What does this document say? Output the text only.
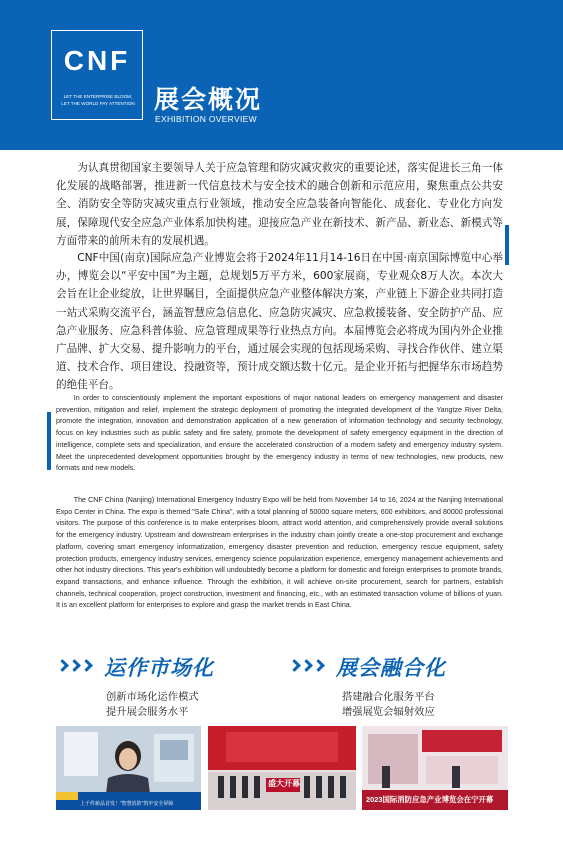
CNF
LET THE ENTERPRISE BLOOM,
LET THE WORLD PAY ATTENTION 展会概况
EXHIBITION OVERVIEW

为认真贯彻国家主要领导人关于应急管理和防灾减灾救灾的重要论述，落实促进长三角一体化发展的战略部署，推进新一代信息技术与安全技术的融合创新和示范应用，聚焦重点公共安全、消防安全等防灾减灾重点行业领域，推动安全应急装备向智能化、成套化、专业化方向发展，保障现代安全应急产业体系加快构建。迎接应急产业在新技术、新产品、新业态、新模式等方面带来的前所未有的发展机遇。

CNF中国(南京)国际应急产业博览会将于2024年11月14-16日在中国·南京国际博览中心举办，博览会以“平安中国”为主题，总规划5万平方米，600家展商，专业观众8万人次。本次大会旨在让企业绽放，让世界瞩目，全面提供应急产业整体解决方案，产业链上下游企业共同打造一站式采购交流平台，涵盖智慧应急信息化、应急防灾减灾、应急救援装备、安全防护产品、应急产业服务、应急科普体验、应急管理成果等行业热点方向。本届博览会必将成为国内外企业推广品牌、扩大交易、提升影响力的平台，通过展会实现的包括现场采购、寻找合作伙伴、建立渠道、技术合作、项目建设、投融资等，预计成交额达数十亿元。是企业开拓与把握华东市场趋势的绝佳平台。

In order to conscientiously implement the important expositions of major national leaders on emergency management and disaster prevention, mitigation and relief, implement the strategic deployment of promoting the integrated development of the Yangtze River Delta, promote the integration, innovation and demonstration application of a new generation of information technology and security technology, focus on key industries such as public safety and fire safety, promote the development of safety emergency equipment in the direction of intelligence, complete sets and specialization, and ensure the accelerated construction of a modern safety and emergency industry system. Meet the unprecedented development opportunities brought by the emergency industry in terms of new technologies, new products, new formats and new models.

The CNF China (Nanjing) International Emergency Industry Expo will be held from November 14 to 16, 2024 at the Nanjing International Expo Center in China. The expo is themed "Safe China", with a total planning of 50000 square meters, 600 exhibitors, and 80000 professional visitors. The purpose of this conference is to make enterprises bloom, attract world attention, and comprehensively provide overall solutions for the emergency industry. Upstream and downstream enterprises in the industry chain jointly create a one-stop procurement and exchange platform, covering smart emergency informatization, emergency disaster prevention and reduction, emergency rescue equipment, safety protection products, emergency industry services, emergency science popularization experience, emergency management achievements and other hot industry directions. This year's exhibition will undoubtedly become a platform for domestic and foreign enterprises to promote brands, expand transactions, and enhance influence. Through the exhibition, it will achieve on-site procurement, search for partners, establish channels, technical cooperation, project construction, investment and financing, etc., with an estimated transaction volume of billions of yuan. It is an excellent platform for enterprises to explore and grasp the market trends in East China.

运作市场化
创新市场化运作模式
提升展会服务水平
展会融合化
搭建融合化服务平台
增强展览会辐射效应
上千件新品首发！“智慧消防”筑牢安全屏障
盛大开幕
2023国际消防应急产业博览会在宁开幕
